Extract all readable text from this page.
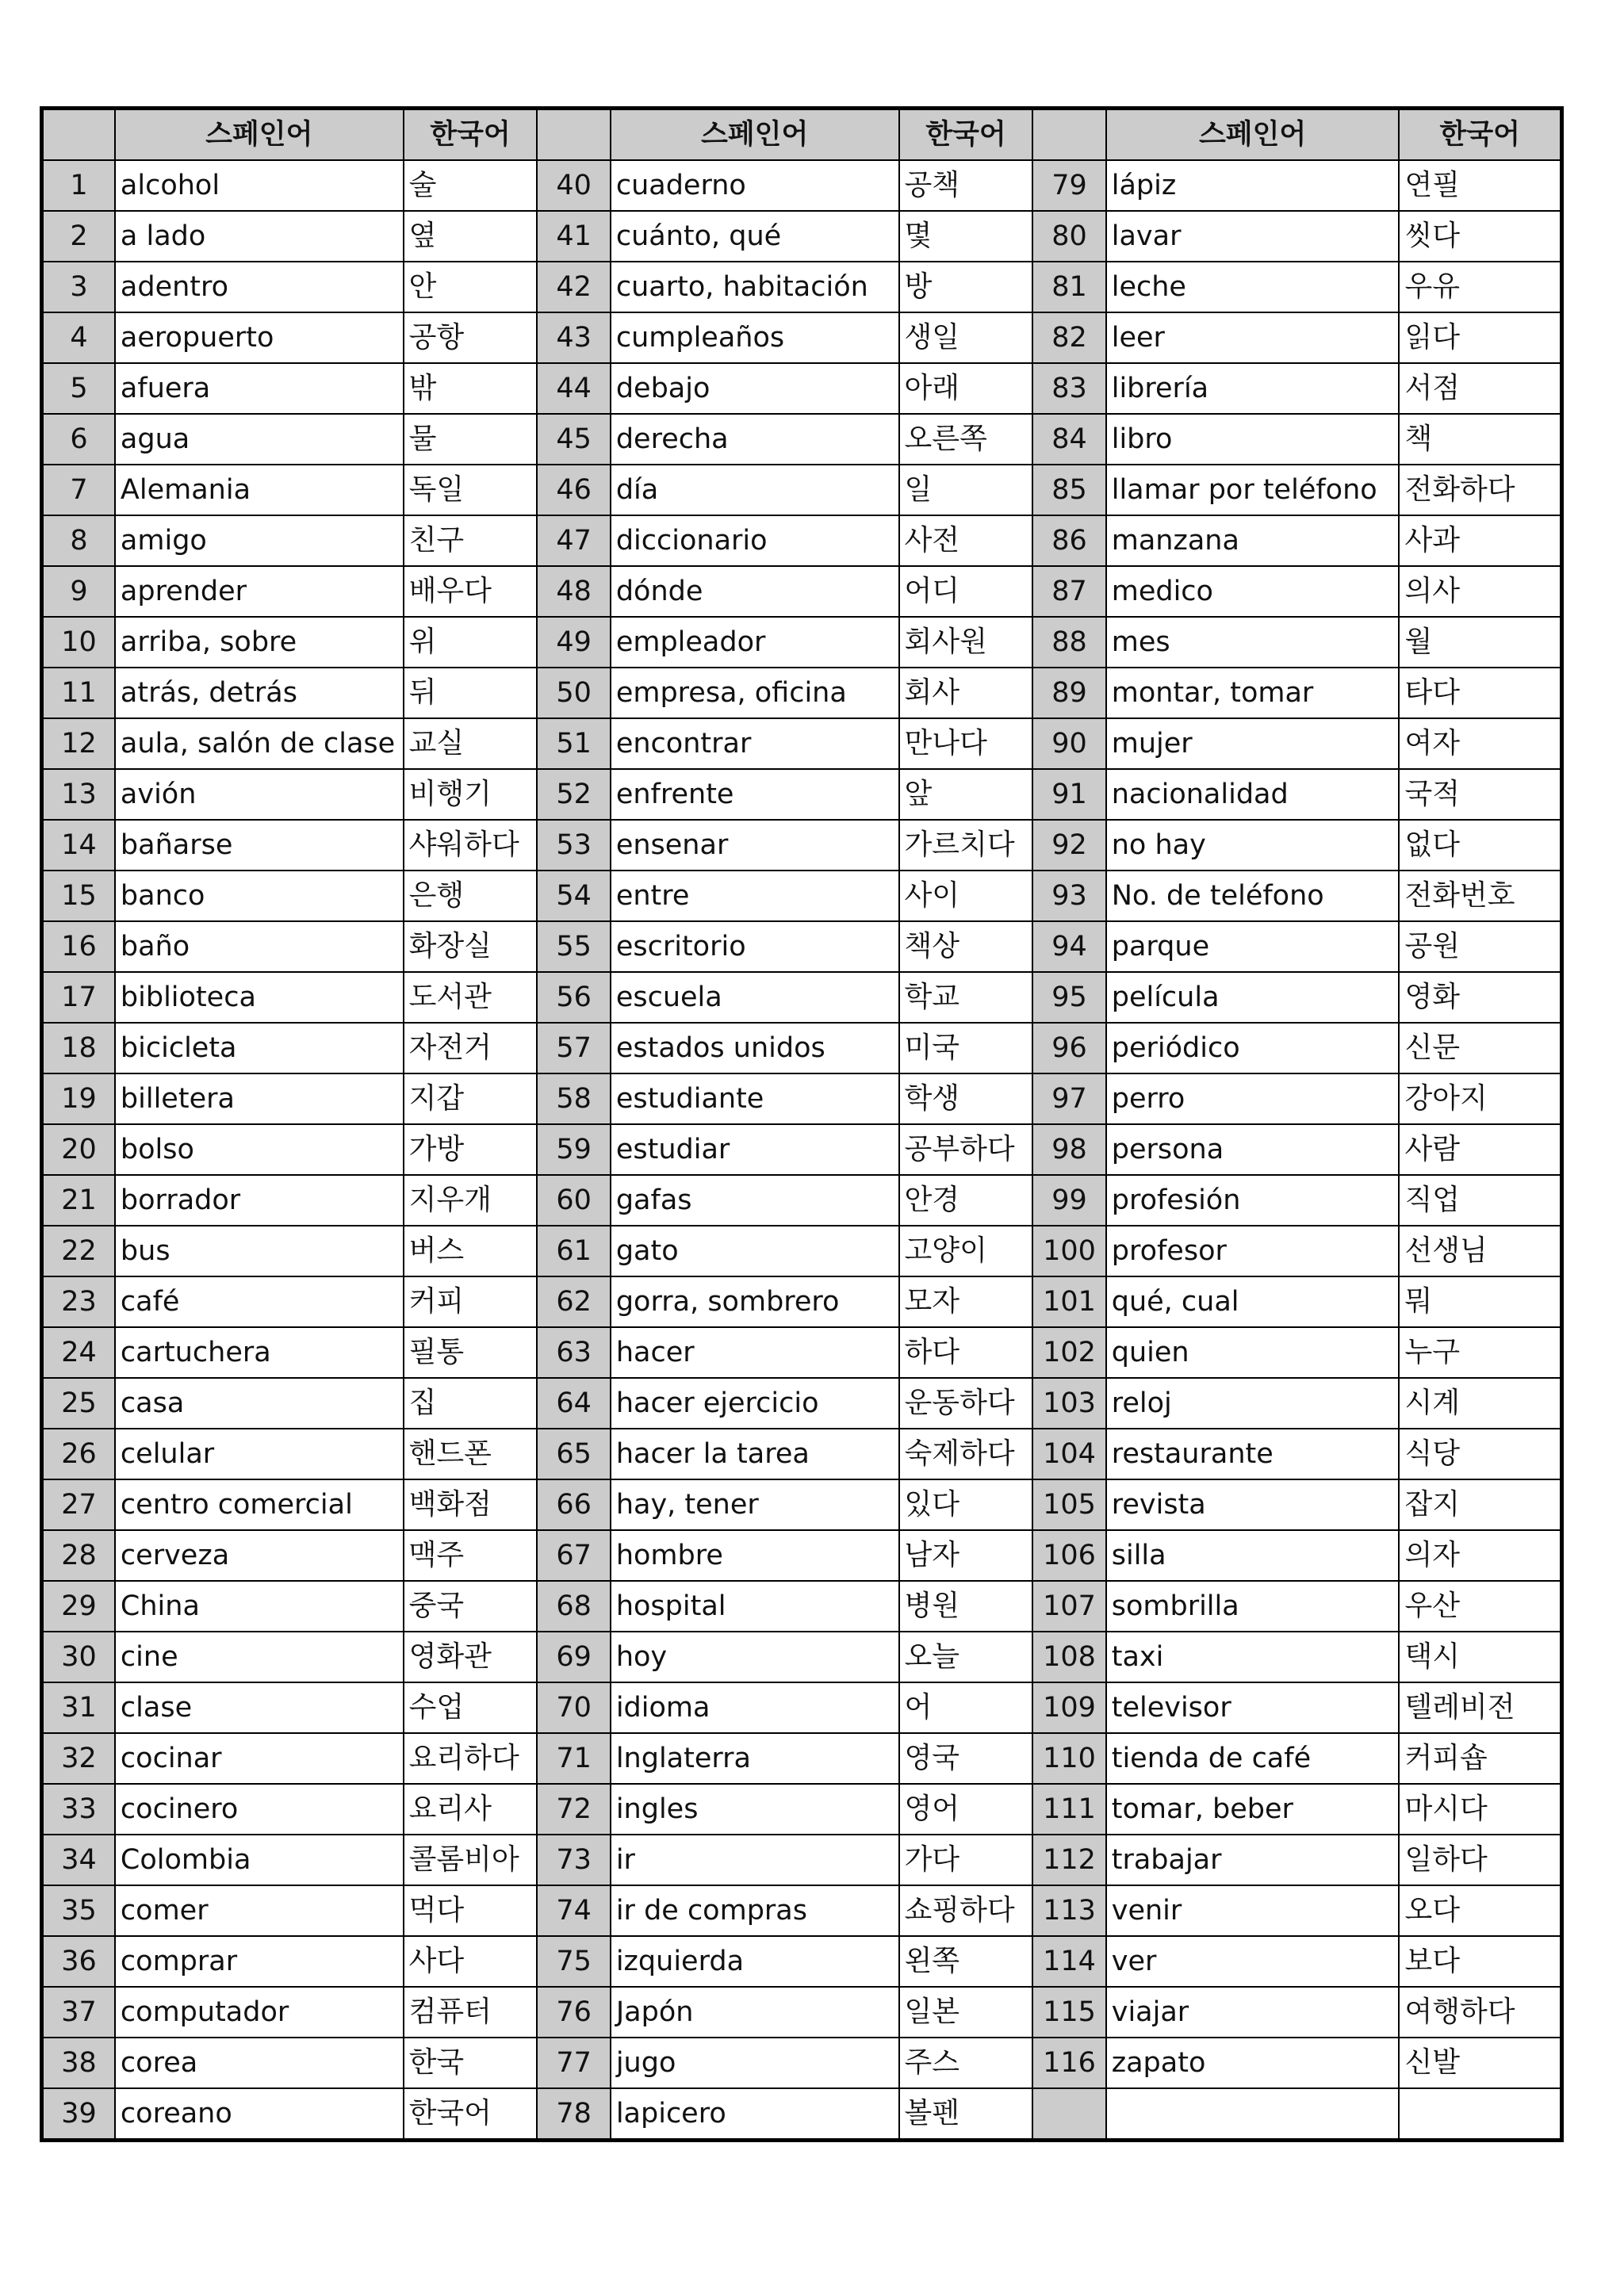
	스페인어	한국어		스페인어	한국어		스페인어	한국어
1	alcohol	술	40	cuaderno	공책	79	lápiz	연필
2	a lado	옆	41	cuánto, qué	몇	80	lavar	씻다
3	adentro	안	42	cuarto, habitación	방	81	leche	우유
4	aeropuerto	공항	43	cumpleaños	생일	82	leer	읽다
5	afuera	밖	44	debajo	아래	83	librería	서점
6	agua	물	45	derecha	오른쪽	84	libro	책
7	Alemania	독일	46	día	일	85	llamar por teléfono	전화하다
8	amigo	친구	47	diccionario	사전	86	manzana	사과
9	aprender	배우다	48	dónde	어디	87	medico	의사
10	arriba, sobre	위	49	empleador	회사원	88	mes	월
11	atrás, detrás	뒤	50	empresa, oficina	회사	89	montar, tomar	타다
12	aula, salón de clase	교실	51	encontrar	만나다	90	mujer	여자
13	avión	비행기	52	enfrente	앞	91	nacionalidad	국적
14	bañarse	샤워하다	53	ensenar	가르치다	92	no hay	없다
15	banco	은행	54	entre	사이	93	No. de teléfono	전화번호
16	baño	화장실	55	escritorio	책상	94	parque	공원
17	biblioteca	도서관	56	escuela	학교	95	película	영화
18	bicicleta	자전거	57	estados unidos	미국	96	periódico	신문
19	billetera	지갑	58	estudiante	학생	97	perro	강아지
20	bolso	가방	59	estudiar	공부하다	98	persona	사람
21	borrador	지우개	60	gafas	안경	99	profesión	직업
22	bus	버스	61	gato	고양이	100	profesor	선생님
23	café	커피	62	gorra, sombrero	모자	101	qué, cual	뭐
24	cartuchera	필통	63	hacer	하다	102	quien	누구
25	casa	집	64	hacer ejercicio	운동하다	103	reloj	시계
26	celular	핸드폰	65	hacer la tarea	숙제하다	104	restaurante	식당
27	centro comercial	백화점	66	hay, tener	있다	105	revista	잡지
28	cerveza	맥주	67	hombre	남자	106	silla	의자
29	China	중국	68	hospital	병원	107	sombrilla	우산
30	cine	영화관	69	hoy	오늘	108	taxi	택시
31	clase	수업	70	idioma	어	109	televisor	텔레비전
32	cocinar	요리하다	71	lnglaterra	영국	110	tienda de café	커피숍
33	cocinero	요리사	72	ingles	영어	111	tomar, beber	마시다
34	Colombia	콜롬비아	73	ir	가다	112	trabajar	일하다
35	comer	먹다	74	ir de compras	쇼핑하다	113	venir	오다
36	comprar	사다	75	izquierda	왼쪽	114	ver	보다
37	computador	컴퓨터	76	Japón	일본	115	viajar	여행하다
38	corea	한국	77	jugo	주스	116	zapato	신발
39	coreano	한국어	78	lapicero	볼펜			
